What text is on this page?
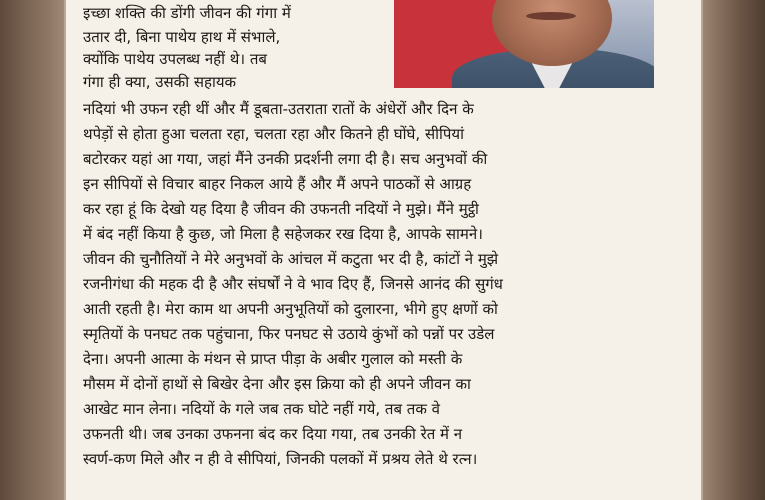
इच्छा शक्ति की डोंगी जीवन की गंगा में
उतार दी, बिना पाथेय हाथ में संभाले,
क्योंकि पाथेय उपलब्ध नहीं थे। तब
गंगा ही क्या, उसकी सहायक
नदियां भी उफन रही थीं और मैं डूबता-उतराता रातों के अंधेरों और दिन के
थपेड़ों से होता हुआ चलता रहा, चलता रहा और कितने ही घोंघे, सीपियां
बटोरकर यहां आ गया, जहां मैंने उनकी प्रदर्शनी लगा दी है। सच अनुभवों की
इन सीपियों से विचार बाहर निकल आये हैं और मैं अपने पाठकों से आग्रह
कर रहा हूं कि देखो यह दिया है जीवन की उफनती नदियों ने मुझे। मैंने मुट्ठी
में बंद नहीं किया है कुछ, जो मिला है सहेजकर रख दिया है, आपके सामने।
जीवन की चुनौतियों ने मेरे अनुभवों के आंचल में कटुता भर दी है, कांटों ने मुझे
रजनीगंधा की महक दी है और संघर्षों ने वे भाव दिए हैं, जिनसे आनंद की सुगंध
आती रहती है। मेरा काम था अपनी अनुभूतियों को दुलारना, भीगे हुए क्षणों को
स्मृतियों के पनघट तक पहुंचाना, फिर पनघट से उठाये कुंभों को पन्नों पर उडेल
देना। अपनी आत्मा के मंथन से प्राप्त पीड़ा के अबीर गुलाल को मस्ती के
मौसम में दोनों हाथों से बिखेर देना और इस क्रिया को ही अपने जीवन का
आखेट मान लेना। नदियों के गले जब तक घोटे नहीं गये, तब तक वे
उफनती थी। जब उनका उफनना बंद कर दिया गया, तब उनकी रेत में न
स्वर्ण-कण मिले और न ही वे सीपियां, जिनकी पलकों में प्रश्रय लेते थे रत्न।
